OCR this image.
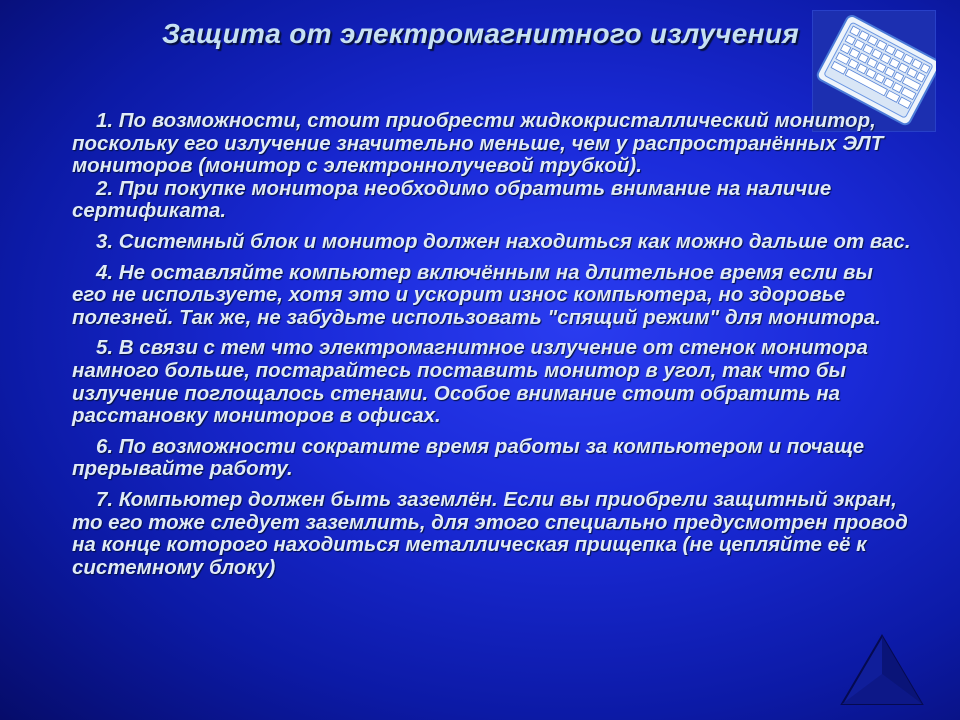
Защита от электромагнитного излучения

1. По возможности, стоит приобрести жидкокристаллический монитор, поскольку его излучение значительно меньше, чем у распространённых ЭЛТ мониторов (монитор с электроннолучевой трубкой).

2. При покупке монитора необходимо обратить внимание на наличие сертификата.

3. Системный блок и монитор должен находиться как можно дальше от вас.

4. Не оставляйте компьютер включённым на длительное время если вы его не используете, хотя это и ускорит износ компьютера, но здоровье полезней. Так же, не забудьте использовать "спящий режим" для монитора.

5. В связи с тем что электромагнитное излучение от стенок монитора намного больше, постарайтесь поставить монитор в угол, так что бы излучение поглощалось стенами. Особое внимание стоит обратить на расстановку мониторов в офисах.

6. По возможности сократите время работы за компьютером и почаще прерывайте работу.

7. Компьютер должен быть заземлён. Если вы приобрели защитный экран, то его тоже следует заземлить, для этого специально предусмотрен провод на конце которого находиться металлическая прищепка (не цепляйте её к системному блоку)
